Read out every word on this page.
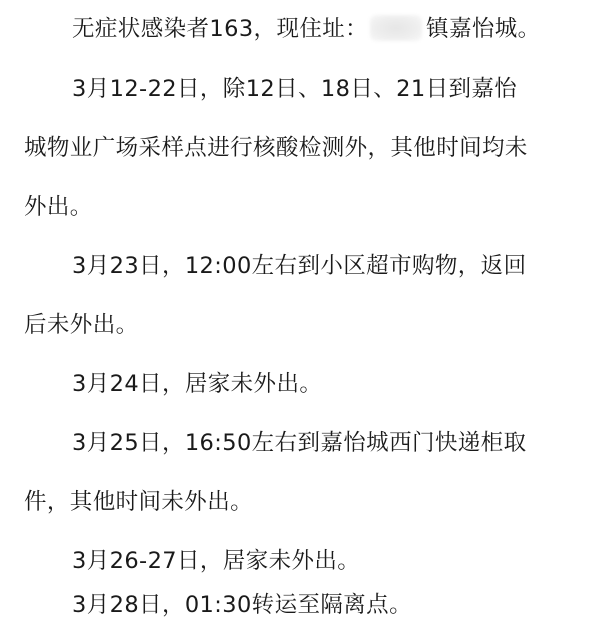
无症状感染者163，现住址：	镇嘉怡城。
3月12-22日，除12日、18日、21日到嘉怡
城物业广场采样点进行核酸检测外，其他时间均未
外出。
3月23日，12:00左右到小区超市购物，返回
后未外出。
3月24日，居家未外出。
3月25日，16:50左右到嘉怡城西门快递柜取
件，其他时间未外出。
3月26-27日，居家未外出。
3月28日，01:30转运至隔离点。
